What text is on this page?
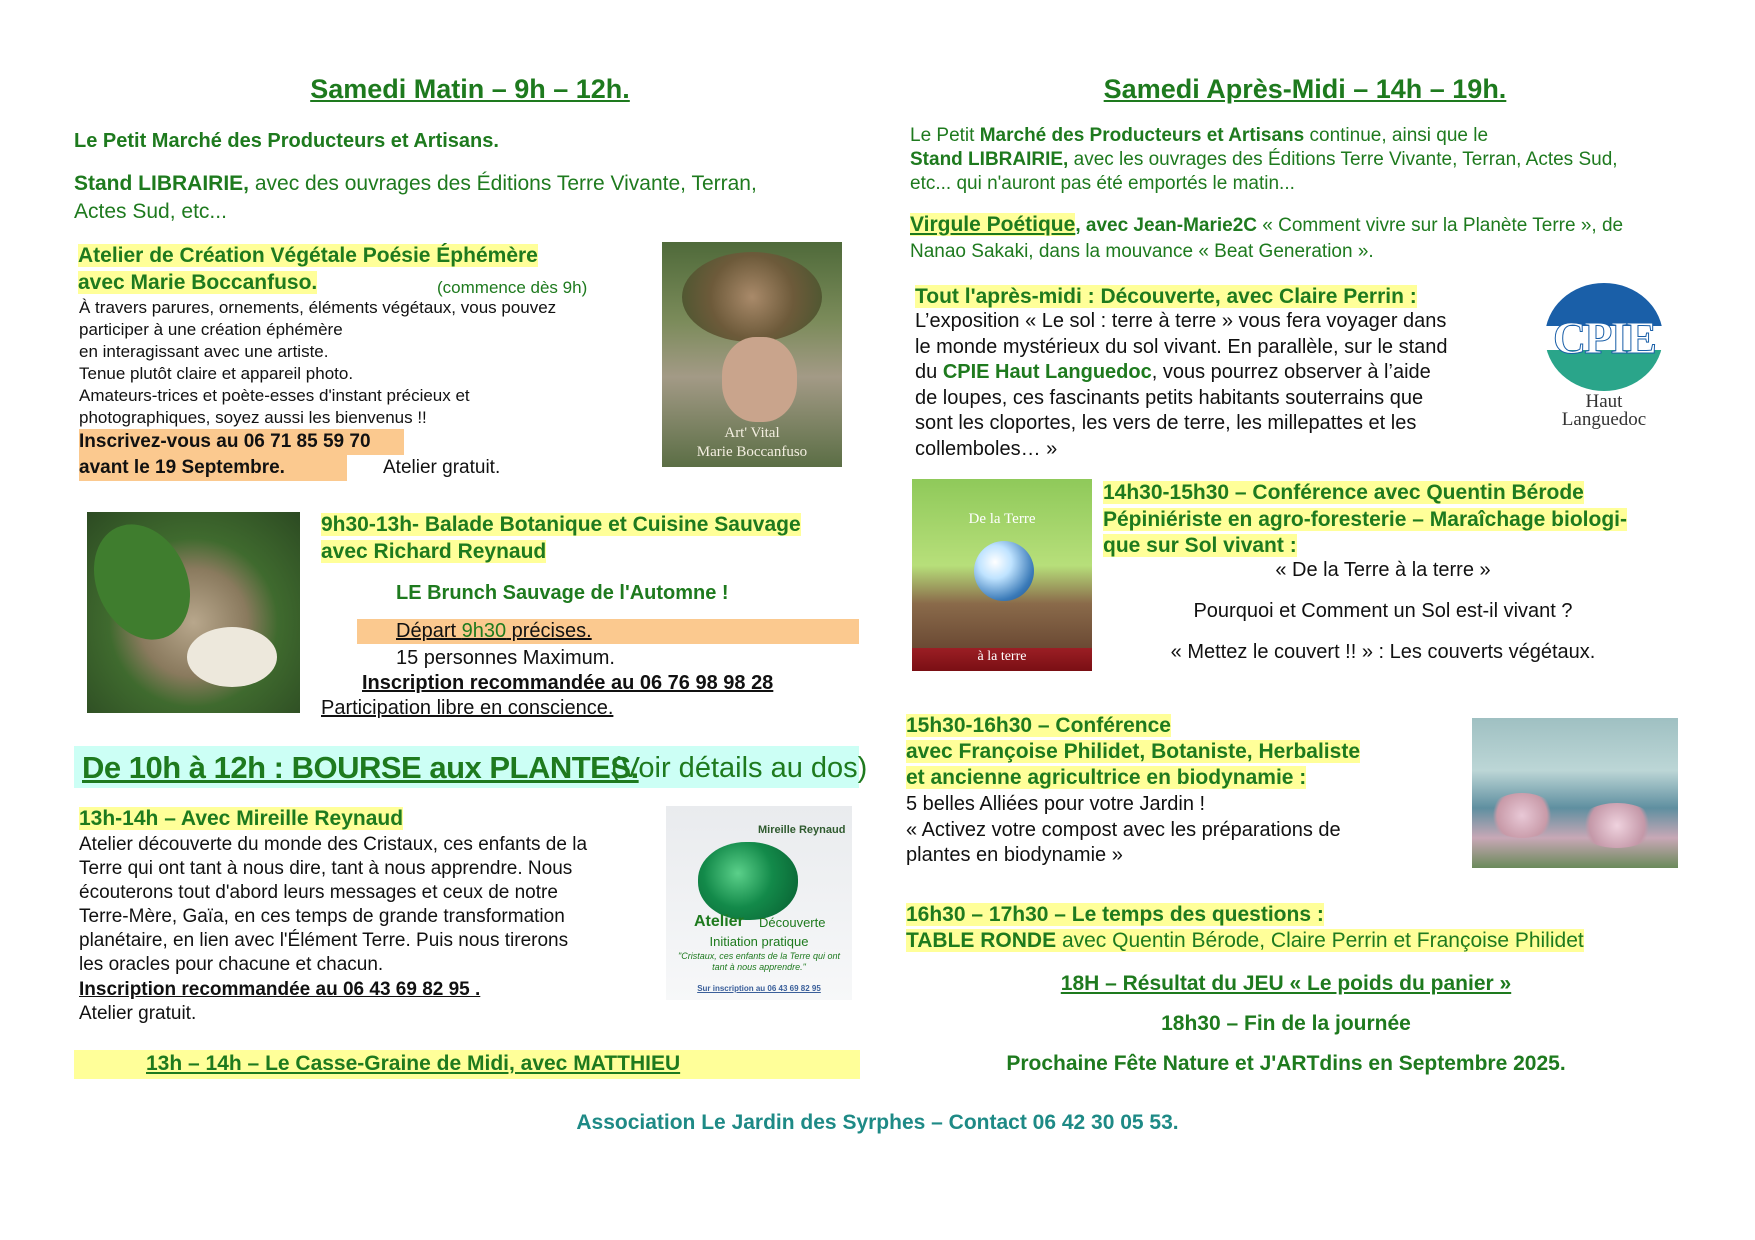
Samedi Matin – 9h – 12h.
Le Petit Marché des Producteurs et Artisans.
Stand LIBRAIRIE, avec des ouvrages des Éditions Terre Vivante, Terran,
Actes Sud, etc...
Atelier de Création Végétale Poésie Éphémère
avec Marie Boccanfuso.	(commence dès 9h)
À travers parures, ornements, éléments végétaux, vous pouvez
participer à une création éphémère
en interagissant avec une artiste.
Tenue plutôt claire et appareil photo.
Amateurs-trices et poète-esses d'instant précieux et
photographiques, soyez aussi les bienvenus !!
Inscrivez-vous au 06 71 85 59 70
avant le 19 Septembre.	Atelier gratuit.
Art' Vital
Marie Boccanfuso
9h30-13h- Balade Botanique et Cuisine Sauvage
avec Richard Reynaud
LE Brunch Sauvage de l'Automne !
Départ 9h30 précises.
15 personnes Maximum.
Inscription recommandée au 06 76 98 98 28
Participation libre en conscience.
De 10h à 12h : BOURSE aux PLANTES.
(Voir détails au dos)
13h-14h – Avec Mireille Reynaud
Atelier découverte du monde des Cristaux, ces enfants de la
Terre qui ont tant à nous dire, tant à nous apprendre. Nous
écouterons tout d'abord leurs messages et ceux de notre
Terre-Mère, Gaïa, en ces temps de grande transformation
planétaire, en lien avec l'Élément Terre. Puis nous tirerons
les oracles pour chacune et chacun.
Inscription recommandée au 06 43 69 82 95 .
Atelier gratuit.
Mireille Reynaud
Atelier Découverte
Initiation pratique
"Cristaux, ces enfants de la Terre qui ont tant à nous apprendre."
Sur inscription au 06 43 69 82 95
13h – 14h – Le Casse-Graine de Midi, avec MATTHIEU
Samedi Après-Midi – 14h – 19h.
Le Petit Marché des Producteurs et Artisans continue, ainsi que le
Stand LIBRAIRIE, avec les ouvrages des Éditions Terre Vivante, Terran, Actes Sud,
etc... qui n'auront pas été emportés le matin...
Virgule Poétique, avec Jean-Marie2C « Comment vivre sur la Planète Terre », de
Nanao Sakaki, dans la mouvance « Beat Generation ».
Tout l'après-midi : Découverte, avec Claire Perrin :
L’exposition « Le sol : terre à terre » vous fera voyager dans
le monde mystérieux du sol vivant. En parallèle, sur le stand
du CPIE Haut Languedoc, vous pourrez observer à l’aide
de loupes, ces fascinants petits habitants souterrains que
sont les cloportes, les vers de terre, les millepattes et les
collemboles… »
CPIE
Haut
Languedoc
De la Terre
à la terre
14h30-15h30 – Conférence avec Quentin Bérode
Pépiniériste en agro-foresterie – Maraîchage biologi-
que sur Sol vivant :
« De la Terre à la terre »
Pourquoi et Comment un Sol est-il vivant ?
« Mettez le couvert !! » : Les couverts végétaux.
15h30-16h30 – Conférence
avec Françoise Philidet, Botaniste, Herbaliste
et ancienne agricultrice en biodynamie :
5 belles Alliées pour votre Jardin !
« Activez votre compost avec les préparations de
plantes en biodynamie »
16h30 – 17h30 – Le temps des questions :
TABLE RONDE avec Quentin Bérode, Claire Perrin et Françoise Philidet
18H – Résultat du JEU « Le poids du panier »
18h30 – Fin de la journée
Prochaine Fête Nature et J'ARTdins en Septembre 2025.
Association Le Jardin des Syrphes – Contact 06 42 30 05 53.
